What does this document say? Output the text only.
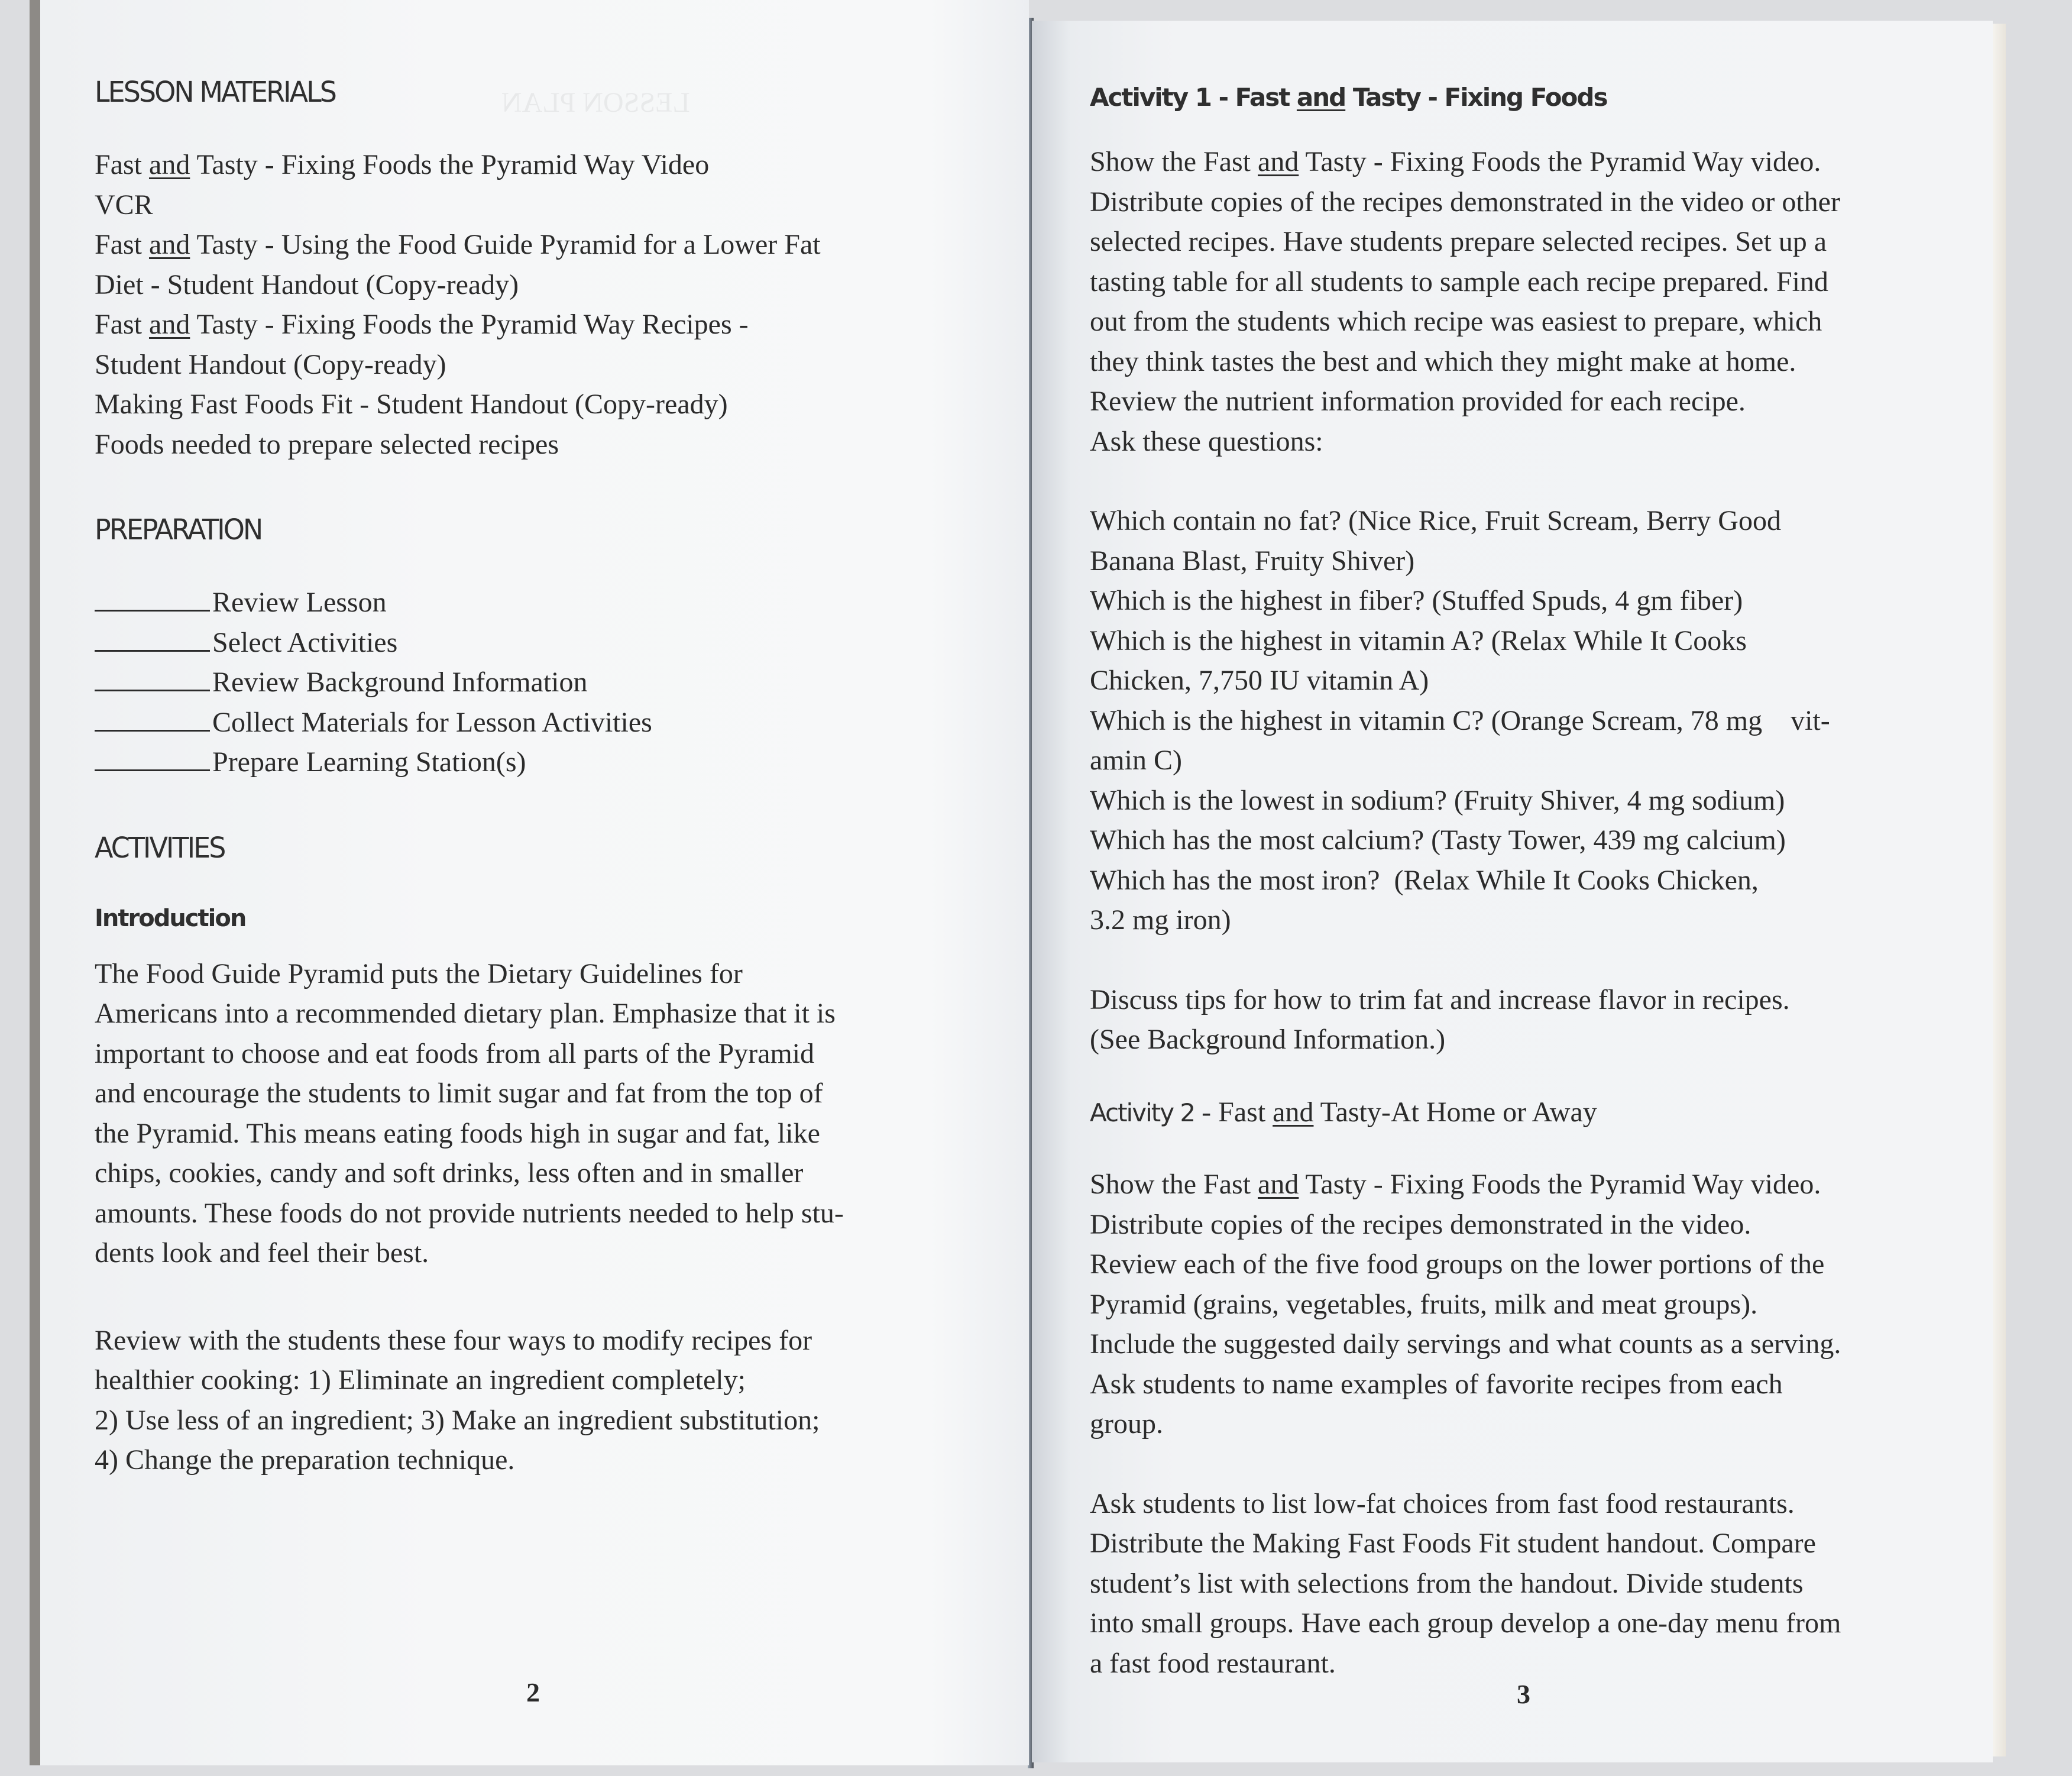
LESSON PLAN
LESSON MATERIALS

Fast and Tasty - Fixing Foods the Pyramid Way Video

VCR

Fast and Tasty - Using the Food Guide Pyramid for a Lower Fat

Diet - Student Handout (Copy-ready)

Fast and Tasty - Fixing Foods the Pyramid Way Recipes -

Student Handout (Copy-ready)

Making Fast Foods Fit - Student Handout (Copy-ready)

Foods needed to prepare selected recipes

PREPARATION

Review Lesson

Select Activities

Review Background Information

Collect Materials for Lesson Activities

Prepare Learning Station(s)

ACTIVITIES
Introduction

The Food Guide Pyramid puts the Dietary Guidelines for

Americans into a recommended dietary plan. Emphasize that it is

important to choose and eat foods from all parts of the Pyramid

and encourage the students to limit sugar and fat from the top of

the Pyramid. This means eating foods high in sugar and fat, like

chips, cookies, candy and soft drinks, less often and in smaller

amounts. These foods do not provide nutrients needed to help stu-

dents look and feel their best.

Review with the students these four ways to modify recipes for

healthier cooking: 1) Eliminate an ingredient completely;

2) Use less of an ingredient; 3) Make an ingredient substitution;

4) Change the preparation technique.

2
Activity 1 - Fast and Tasty - Fixing Foods

Show the Fast and Tasty - Fixing Foods the Pyramid Way video.

Distribute copies of the recipes demonstrated in the video or other

selected recipes. Have students prepare selected recipes. Set up a

tasting table for all students to sample each recipe prepared. Find

out from the students which recipe was easiest to prepare, which

they think tastes the best and which they might make at home.

Review the nutrient information provided for each recipe.

Ask these questions:

Which contain no fat? (Nice Rice, Fruit Scream, Berry Good

Banana Blast, Fruity Shiver)

Which is the highest in fiber? (Stuffed Spuds, 4 gm fiber)

Which is the highest in vitamin A? (Relax While It Cooks

Chicken, 7,750 IU vitamin A)

Which is the highest in vitamin C? (Orange Scream, 78 mg    vit-

amin C)

Which is the lowest in sodium? (Fruity Shiver, 4 mg sodium)

Which has the most calcium? (Tasty Tower, 439 mg calcium)

Which has the most iron?  (Relax While It Cooks Chicken,

3.2 mg iron)

Discuss tips for how to trim fat and increase flavor in recipes.

(See Background Information.)

Activity 2 - Fast and Tasty-At Home or Away

Show the Fast and Tasty - Fixing Foods the Pyramid Way video.

Distribute copies of the recipes demonstrated in the video.

Review each of the five food groups on the lower portions of the

Pyramid (grains, vegetables, fruits, milk and meat groups).

Include the suggested daily servings and what counts as a serving.

Ask students to name examples of favorite recipes from each

group.

Ask students to list low-fat choices from fast food restaurants.

Distribute the Making Fast Foods Fit student handout. Compare

student’s list with selections from the handout. Divide students

into small groups. Have each group develop a one-day menu from

a fast food restaurant.

3
